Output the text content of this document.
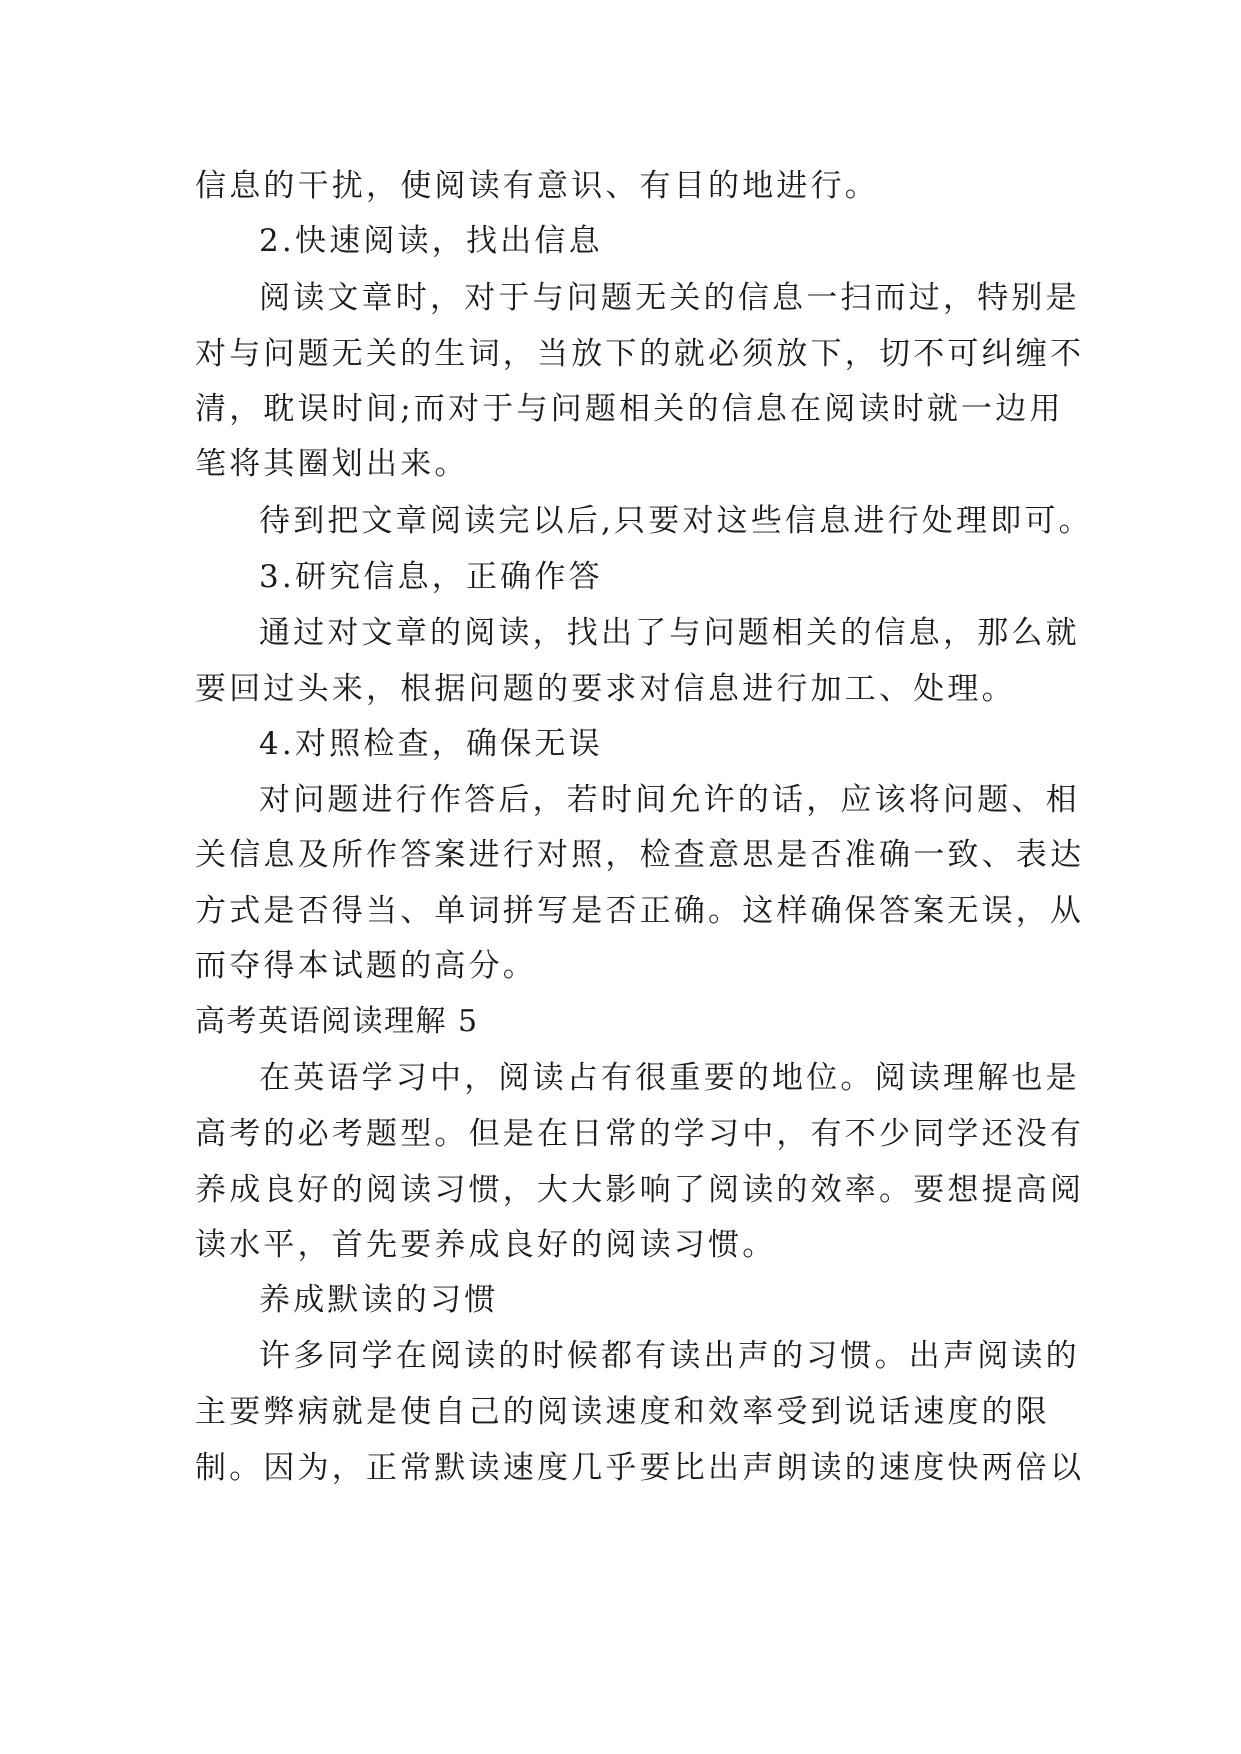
信息的干扰，使阅读有意识、有目的地进行。
2.快速阅读，找出信息
阅读文章时，对于与问题无关的信息一扫而过，特别是
对与问题无关的生词，当放下的就必须放下，切不可纠缠不
清，耽误时间;而对于与问题相关的信息在阅读时就一边用
笔将其圈划出来。
待到把文章阅读完以后,只要对这些信息进行处理即可。
3.研究信息，正确作答
通过对文章的阅读，找出了与问题相关的信息，那么就
要回过头来，根据问题的要求对信息进行加工、处理。
4.对照检查，确保无误
对问题进行作答后，若时间允许的话，应该将问题、相
关信息及所作答案进行对照，检查意思是否准确一致、表达
方式是否得当、单词拼写是否正确。这样确保答案无误，从
而夺得本试题的高分。
高考英语阅读理解 5
在英语学习中，阅读占有很重要的地位。阅读理解也是
高考的必考题型。但是在日常的学习中，有不少同学还没有
养成良好的阅读习惯，大大影响了阅读的效率。要想提高阅
读水平，首先要养成良好的阅读习惯。
养成默读的习惯
许多同学在阅读的时候都有读出声的习惯。出声阅读的
主要弊病就是使自己的阅读速度和效率受到说话速度的限
制。因为，正常默读速度几乎要比出声朗读的速度快两倍以
